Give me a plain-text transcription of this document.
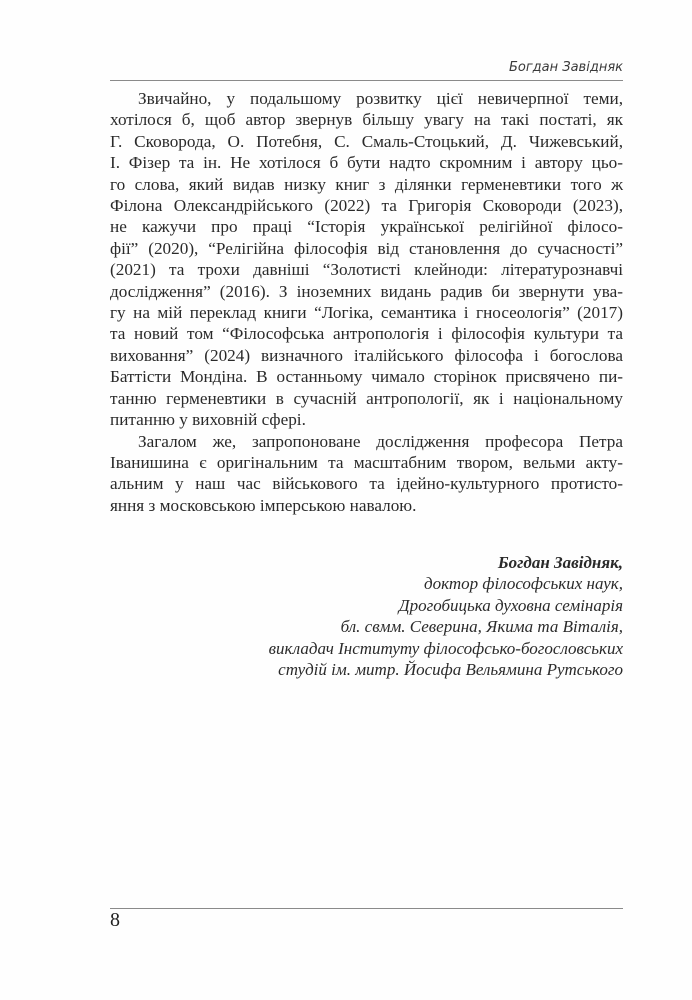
Богдан Завідняк
Звичайно, у подальшому розвитку цієї невичерпної теми,
хотілося б, щоб автор звернув більшу увагу на такі постаті, як
Г. Сковорода, О. Потебня, С. Смаль-Стоцький, Д. Чижевський,
І. Фізер та ін. Не хотілося б бути надто скромним і автору цьо-
го слова, який видав низку книг з ділянки герменевтики того ж
Філона Олександрійського (2022) та Григорія Сковороди (2023),
не кажучи про праці “Історія української релігійної філосо-
фії” (2020), “Релігійна філософія від становлення до сучасності”
(2021) та трохи давніші “Золотисті клейноди: літературознавчі
дослідження” (2016). З іноземних видань радив би звернути ува-
гу на мій переклад книги “Логіка, семантика і гносеологія” (2017)
та новий том “Філософська антропологія і філософія культури та
виховання” (2024) визначного італійського філософа і богослова
Баттісти Мондіна. В останньому чимало сторінок присвячено пи-
танню герменевтики в сучасній антропології, як і національному
питанню у виховній сфері.
Загалом же, запропоноване дослідження професора Петра
Іванишина є оригінальним та масштабним твором, вельми акту-
альним у наш час військового та ідейно-культурного протисто-
яння з московською імперською навалою.
Богдан Завідняк,
доктор філософських наук,
Дрогобицька духовна семінарія
бл. свмм. Северина, Якима та Віталія,
викладач Інституту філософсько-богословських
студій ім. митр. Йосифа Вельямина Рутського
8
